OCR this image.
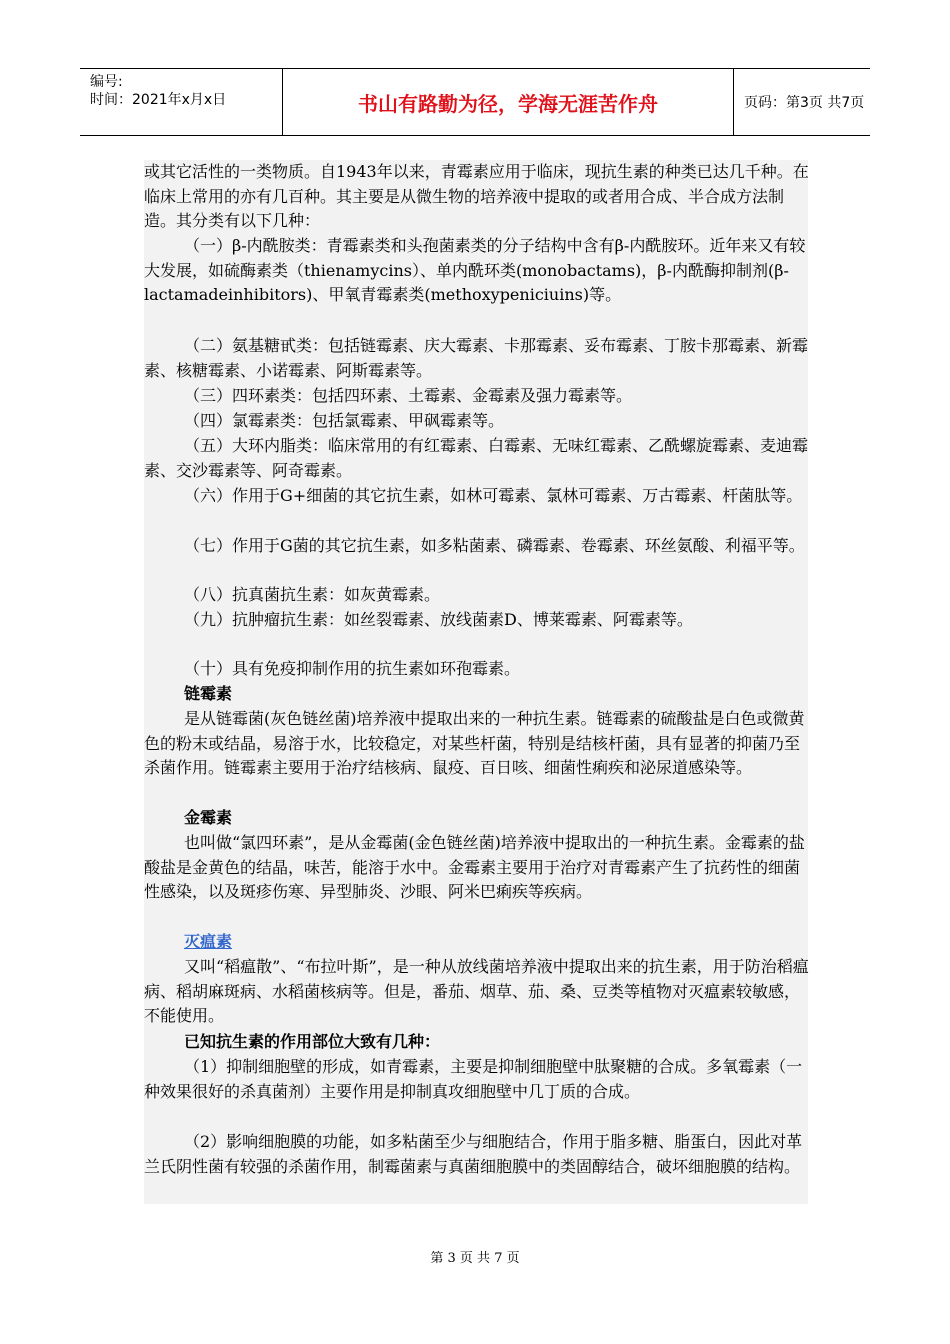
编号:
时间：2021年x月x日	书山有路勤为径，学海无涯苦作舟	页码：第3页 共7页

或其它活性的一类物质。自1943年以来，青霉素应用于临床，现抗生素的种类已达几千种。在临床上常用的亦有几百种。其主要是从微生物的培养液中提取的或者用合成、半合成方法制造。其分类有以下几种：

（一）β-内酰胺类：青霉素类和头孢菌素类的分子结构中含有β-内酰胺环。近年来又有较大发展，如硫酶素类（thienamycins）、单内酰环类(monobactams)，β-内酰酶抑制剂(β-lactamadeinhibitors)、甲氧青霉素类(methoxypeniciuins)等。

（二）氨基糖甙类：包括链霉素、庆大霉素、卡那霉素、妥布霉素、丁胺卡那霉素、新霉素、核糖霉素、小诺霉素、阿斯霉素等。

（三）四环素类：包括四环素、土霉素、金霉素及强力霉素等。

（四）氯霉素类：包括氯霉素、甲砜霉素等。

（五）大环内脂类：临床常用的有红霉素、白霉素、无味红霉素、乙酰螺旋霉素、麦迪霉素、交沙霉素等、阿奇霉素。

（六）作用于G+细菌的其它抗生素，如林可霉素、氯林可霉素、万古霉素、杆菌肽等。

（七）作用于G菌的其它抗生素，如多粘菌素、磷霉素、卷霉素、环丝氨酸、利福平等。

（八）抗真菌抗生素：如灰黄霉素。

（九）抗肿瘤抗生素：如丝裂霉素、放线菌素D、博莱霉素、阿霉素等。

（十）具有免疫抑制作用的抗生素如环孢霉素。

链霉素

是从链霉菌(灰色链丝菌)培养液中提取出来的一种抗生素。链霉素的硫酸盐是白色或微黄色的粉末或结晶，易溶于水，比较稳定，对某些杆菌，特别是结核杆菌，具有显著的抑菌乃至杀菌作用。链霉素主要用于治疗结核病、鼠疫、百日咳、细菌性痢疾和泌尿道感染等。

金霉素

也叫做“氯四环素”，是从金霉菌(金色链丝菌)培养液中提取出的一种抗生素。金霉素的盐酸盐是金黄色的结晶，味苦，能溶于水中。金霉素主要用于治疗对青霉素产生了抗药性的细菌性感染，以及斑疹伤寒、异型肺炎、沙眼、阿米巴痢疾等疾病。

灭瘟素

又叫“稻瘟散”、“布拉叶斯”，是一种从放线菌培养液中提取出来的抗生素，用于防治稻瘟病、稻胡麻斑病、水稻菌核病等。但是，番茄、烟草、茄、桑、豆类等植物对灭瘟素较敏感，不能使用。

已知抗生素的作用部位大致有几种：

（1）抑制细胞壁的形成，如青霉素，主要是抑制细胞壁中肽聚糖的合成。多氧霉素（一种效果很好的杀真菌剂）主要作用是抑制真攻细胞壁中几丁质的合成。

（2）影响细胞膜的功能，如多粘菌至少与细胞结合，作用于脂多糖、脂蛋白，因此对革兰氏阴性菌有较强的杀菌作用，制霉菌素与真菌细胞膜中的类固醇结合，破坏细胞膜的结构。

第 3 页 共 7 页
